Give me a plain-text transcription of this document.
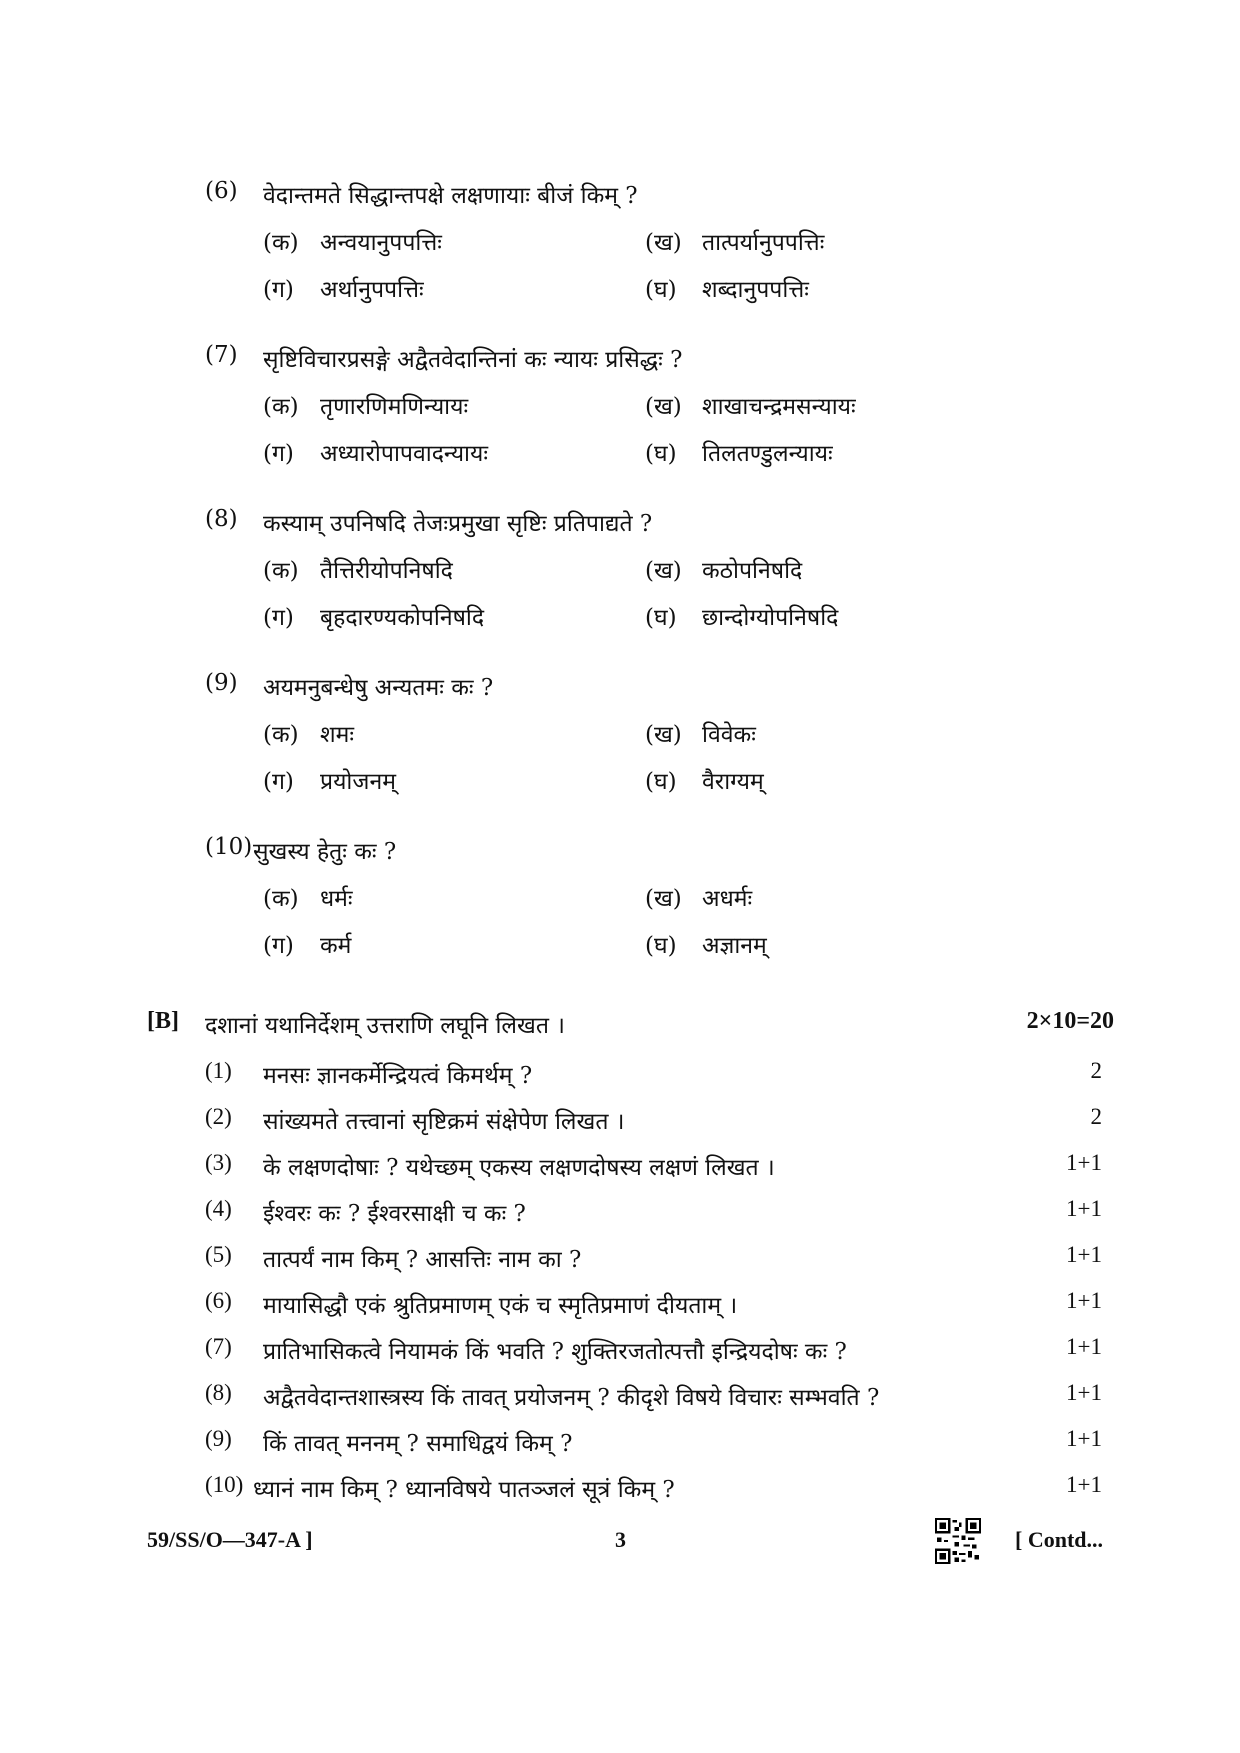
(6) वेदान्तमते सिद्धान्तपक्षे लक्षणायाः बीजं किम् ?
(क) अन्वयानुपपत्तिः	(ख) तात्पर्यानुपपत्तिः
(ग) अर्थानुपपत्तिः	(घ) शब्दानुपपत्तिः
(7) सृष्टिविचारप्रसङ्गे अद्वैतवेदान्तिनां कः न्यायः प्रसिद्धः ?
(क) तृणारणिमणिन्यायः	(ख) शाखाचन्द्रमसन्यायः
(ग) अध्यारोपापवादन्यायः	(घ) तिलतण्डुलन्यायः
(8) कस्याम् उपनिषदि तेजःप्रमुखा सृष्टिः प्रतिपाद्यते ?
(क) तैत्तिरीयोपनिषदि	(ख) कठोपनिषदि
(ग) बृहदारण्यकोपनिषदि	(घ) छान्दोग्योपनिषदि
(9) अयमनुबन्धेषु अन्यतमः कः ?
(क) शमः	(ख) विवेकः
(ग) प्रयोजनम्	(घ) वैराग्यम्
(10) सुखस्य हेतुः कः ?
(क) धर्मः	(ख) अधर्मः
(ग) कर्म	(घ) अज्ञानम्
[B] दशानां यथानिर्देशम् उत्तराणि लघूनि लिखत ।	2×10=20
(1) मनसः ज्ञानकर्मेन्द्रियत्वं किमर्थम् ?	2
(2) सांख्यमते तत्त्वानां सृष्टिक्रमं संक्षेपेण लिखत ।	2
(3) के लक्षणदोषाः ? यथेच्छम् एकस्य लक्षणदोषस्य लक्षणं लिखत ।	1+1
(4) ईश्वरः कः ? ईश्वरसाक्षी च कः ?	1+1
(5) तात्पर्यं नाम किम् ? आसत्तिः नाम का ?	1+1
(6) मायासिद्धौ एकं श्रुतिप्रमाणम् एकं च स्मृतिप्रमाणं दीयताम् ।	1+1
(7) प्रातिभासिकत्वे नियामकं किं भवति ? शुक्तिरजतोत्पत्तौ इन्द्रियदोषः कः ?	1+1
(8) अद्वैतवेदान्तशास्त्रस्य किं तावत् प्रयोजनम् ? कीदृशे विषये विचारः सम्भवति ?	1+1
(9) किं तावत् मननम् ? समाधिद्वयं किम् ?	1+1
(10) ध्यानं नाम किम् ? ध्यानविषये पातञ्जलं सूत्रं किम् ?	1+1
59/SS/O—347-A ]	3	[ Contd...
